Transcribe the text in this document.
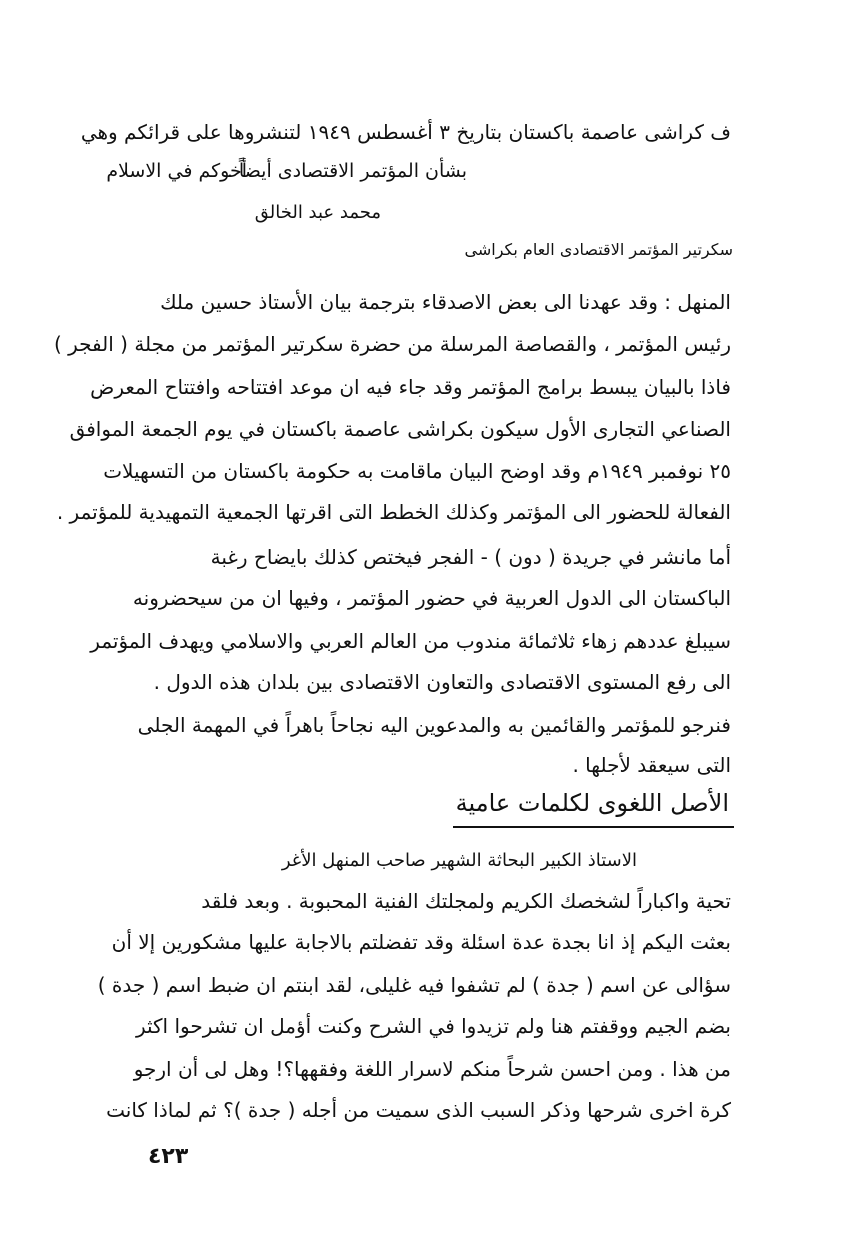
ف كراشى عاصمة باكستان بتاريخ ٣ أغسطس ١٩٤٩ لتنشروها على قرائكم وهي
بشأن المؤتمر الاقتصادى أيضاً .
أخوكم في الاسلام
محمد عبد الخالق
سكرتير المؤتمر الاقتصادى العام بكراشى
المنهل : وقد عهدنا الى بعض الاصدقاء بترجمة بيان الأستاذ حسين ملك
رئيس المؤتمر ، والقصاصة المرسلة من حضرة سكرتير المؤتمر من مجلة ( الفجر )
فاذا بالبيان يبسط برامج المؤتمر وقد جاء فيه ان موعد افتتاحه وافتتاح المعرض
الصناعي التجارى الأول سيكون بكراشى عاصمة باكستان في يوم الجمعة الموافق
٢٥ نوفمبر ١٩٤٩م وقد اوضح البيان ماقامت به حكومة باكستان من التسهيلات
الفعالة للحضور الى المؤتمر وكذلك الخطط التى اقرتها الجمعية التمهيدية للمؤتمر .
أما مانشر في جريدة ( دون ) - الفجر فيختص كذلك بايضاح رغبة
الباكستان الى الدول العربية في حضور المؤتمر ، وفيها ان من سيحضرونه
سيبلغ عددهم زهاء ثلاثمائة مندوب من العالم العربي والاسلامي ويهدف المؤتمر
الى رفع المستوى الاقتصادى والتعاون الاقتصادى بين بلدان هذه الدول .
فنرجو للمؤتمر والقائمين به والمدعوين اليه نجاحاً باهراً في المهمة الجلى
التى سيعقد لأجلها .
الأصل اللغوى لكلمات عامية
الاستاذ الكبير البحاثة الشهير صاحب المنهل الأغر
تحية واكباراً لشخصك الكريم ولمجلتك الفنية المحبوبة . وبعد فلقد
بعثت اليكم إذ انا بجدة عدة اسئلة وقد تفضلتم بالاجابة عليها مشكورين إلا أن
سؤالى عن اسم ( جدة ) لم تشفوا فيه غليلى، لقد ابنتم ان ضبط اسم ( جدة )
بضم الجيم ووقفتم هنا ولم تزيدوا في الشرح وكنت أؤمل ان تشرحوا اكثر
من هذا . ومن احسن شرحاً منكم لاسرار اللغة وفقهها؟! وهل لى أن ارجو
كرة اخرى شرحها وذكر السبب الذى سميت من أجله ( جدة )؟ ثم لماذا كانت
٤٢٣
